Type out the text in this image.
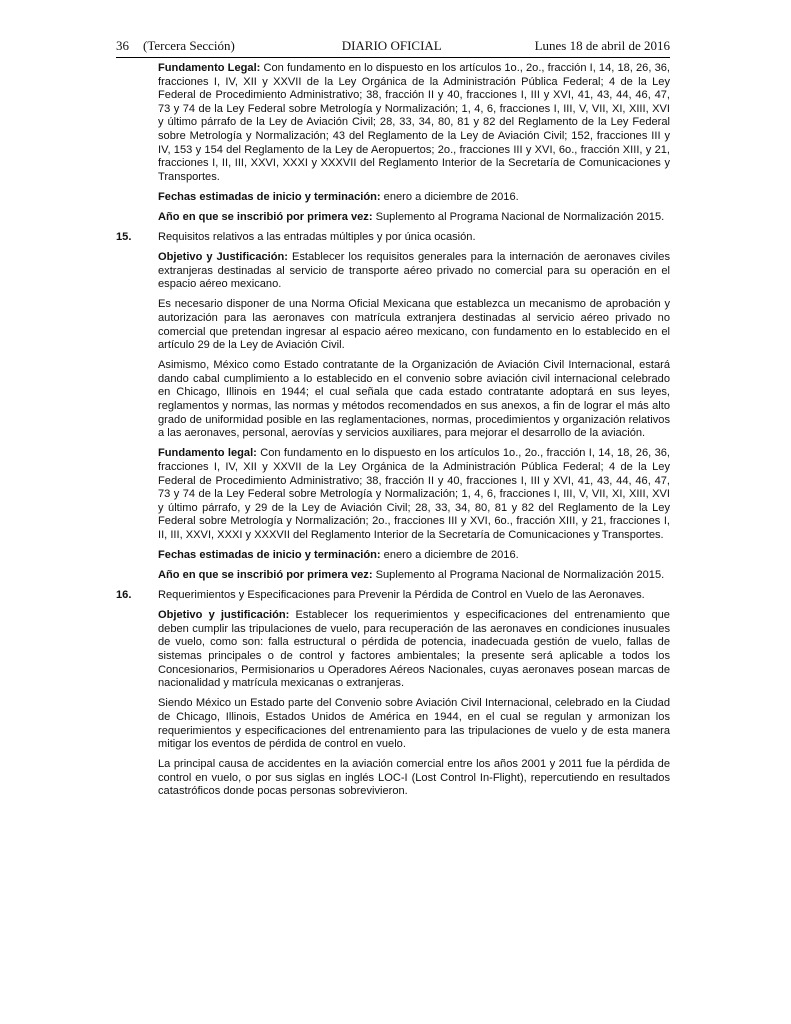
36 (Tercera Sección)	DIARIO OFICIAL	Lunes 18 de abril de 2016

Fundamento Legal: Con fundamento en lo dispuesto en los artículos 1o., 2o., fracción I, 14, 18, 26, 36, fracciones I, IV, XII y XXVII de la Ley Orgánica de la Administración Pública Federal; 4 de la Ley Federal de Procedimiento Administrativo; 38, fracción II y 40, fracciones I, III y XVI, 41, 43, 44, 46, 47, 73 y 74 de la Ley Federal sobre Metrología y Normalización; 1, 4, 6, fracciones I, III, V, VII, XI, XIII, XVI y último párrafo de la Ley de Aviación Civil; 28, 33, 34, 80, 81 y 82 del Reglamento de la Ley Federal sobre Metrología y Normalización; 43 del Reglamento de la Ley de Aviación Civil; 152, fracciones III y IV, 153 y 154 del Reglamento de la Ley de Aeropuertos; 2o., fracciones III y XVI, 6o., fracción XIII, y 21, fracciones I, II, III, XXVI, XXXI y XXXVII del Reglamento Interior de la Secretaría de Comunicaciones y Transportes.

Fechas estimadas de inicio y terminación: enero a diciembre de 2016.

Año en que se inscribió por primera vez: Suplemento al Programa Nacional de Normalización 2015.

15. Requisitos relativos a las entradas múltiples y por única ocasión.

Objetivo y Justificación: Establecer los requisitos generales para la internación de aeronaves civiles extranjeras destinadas al servicio de transporte aéreo privado no comercial para su operación en el espacio aéreo mexicano.

Es necesario disponer de una Norma Oficial Mexicana que establezca un mecanismo de aprobación y autorización para las aeronaves con matrícula extranjera destinadas al servicio aéreo privado no comercial que pretendan ingresar al espacio aéreo mexicano, con fundamento en lo establecido en el artículo 29 de la Ley de Aviación Civil.

Asimismo, México como Estado contratante de la Organización de Aviación Civil Internacional, estará dando cabal cumplimiento a lo establecido en el convenio sobre aviación civil internacional celebrado en Chicago, Illinois en 1944; el cual señala que cada estado contratante adoptará en sus leyes, reglamentos y normas, las normas y métodos recomendados en sus anexos, a fin de lograr el más alto grado de uniformidad posible en las reglamentaciones, normas, procedimientos y organización relativos a las aeronaves, personal, aerovías y servicios auxiliares, para mejorar el desarrollo de la aviación.

Fundamento legal: Con fundamento en lo dispuesto en los artículos 1o., 2o., fracción I, 14, 18, 26, 36, fracciones I, IV, XII y XXVII de la Ley Orgánica de la Administración Pública Federal; 4 de la Ley Federal de Procedimiento Administrativo; 38, fracción II y 40, fracciones I, III y XVI, 41, 43, 44, 46, 47, 73 y 74 de la Ley Federal sobre Metrología y Normalización; 1, 4, 6, fracciones I, III, V, VII, XI, XIII, XVI y último párrafo, y 29 de la Ley de Aviación Civil; 28, 33, 34, 80, 81 y 82 del Reglamento de la Ley Federal sobre Metrología y Normalización; 2o., fracciones III y XVI, 6o., fracción XIII, y 21, fracciones I, II, III, XXVI, XXXI y XXXVII del Reglamento Interior de la Secretaría de Comunicaciones y Transportes.

Fechas estimadas de inicio y terminación: enero a diciembre de 2016.

Año en que se inscribió por primera vez: Suplemento al Programa Nacional de Normalización 2015.

16. Requerimientos y Especificaciones para Prevenir la Pérdida de Control en Vuelo de las Aeronaves.

Objetivo y justificación: Establecer los requerimientos y especificaciones del entrenamiento que deben cumplir las tripulaciones de vuelo, para recuperación de las aeronaves en condiciones inusuales de vuelo, como son: falla estructural o pérdida de potencia, inadecuada gestión de vuelo, fallas de sistemas principales o de control y factores ambientales; la presente será aplicable a todos los Concesionarios, Permisionarios u Operadores Aéreos Nacionales, cuyas aeronaves posean marcas de nacionalidad y matrícula mexicanas o extranjeras.

Siendo México un Estado parte del Convenio sobre Aviación Civil Internacional, celebrado en la Ciudad de Chicago, Illinois, Estados Unidos de América en 1944, en el cual se regulan y armonizan los requerimientos y especificaciones del entrenamiento para las tripulaciones de vuelo y de esta manera mitigar los eventos de pérdida de control en vuelo.

La principal causa de accidentes en la aviación comercial entre los años 2001 y 2011 fue la pérdida de control en vuelo, o por sus siglas en inglés LOC-I (Lost Control In-Flight), repercutiendo en resultados catastróficos donde pocas personas sobrevivieron.
